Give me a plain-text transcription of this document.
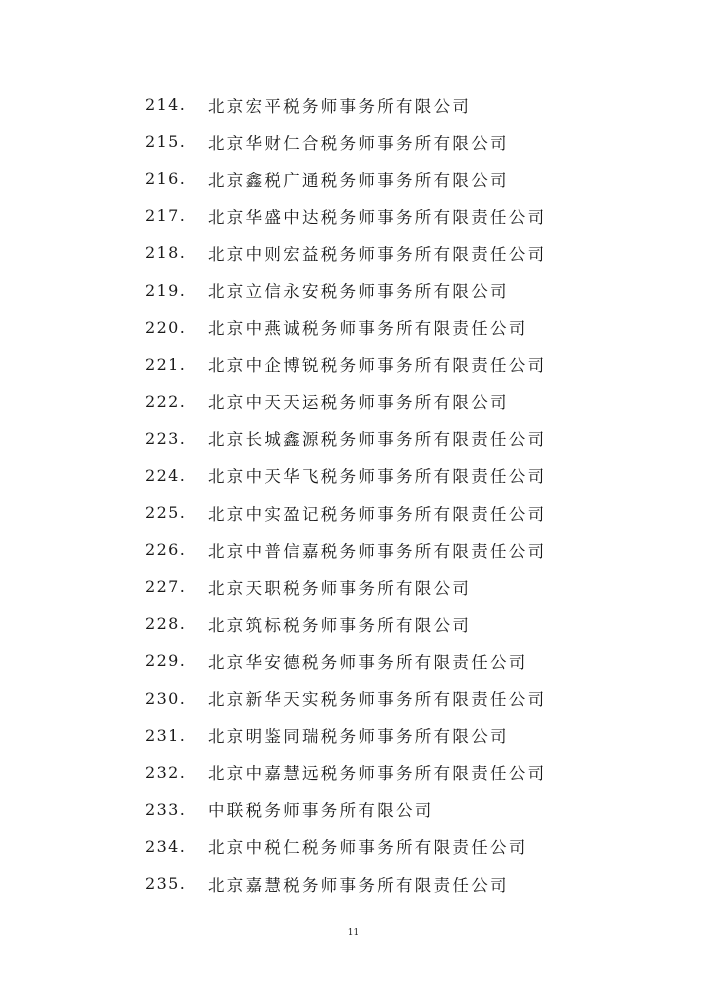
214.	北京宏平税务师事务所有限公司
215.	北京华财仁合税务师事务所有限公司
216.	北京鑫税广通税务师事务所有限公司
217.	北京华盛中达税务师事务所有限责任公司
218.	北京中则宏益税务师事务所有限责任公司
219.	北京立信永安税务师事务所有限公司
220.	北京中燕诚税务师事务所有限责任公司
221.	北京中企博锐税务师事务所有限责任公司
222.	北京中天天运税务师事务所有限公司
223.	北京长城鑫源税务师事务所有限责任公司
224.	北京中天华飞税务师事务所有限责任公司
225.	北京中实盈记税务师事务所有限责任公司
226.	北京中普信嘉税务师事务所有限责任公司
227.	北京天职税务师事务所有限公司
228.	北京筑标税务师事务所有限公司
229.	北京华安德税务师事务所有限责任公司
230.	北京新华天实税务师事务所有限责任公司
231.	北京明鉴同瑞税务师事务所有限公司
232.	北京中嘉慧远税务师事务所有限责任公司
233.	中联税务师事务所有限公司
234.	北京中税仁税务师事务所有限责任公司
235.	北京嘉慧税务师事务所有限责任公司
11
